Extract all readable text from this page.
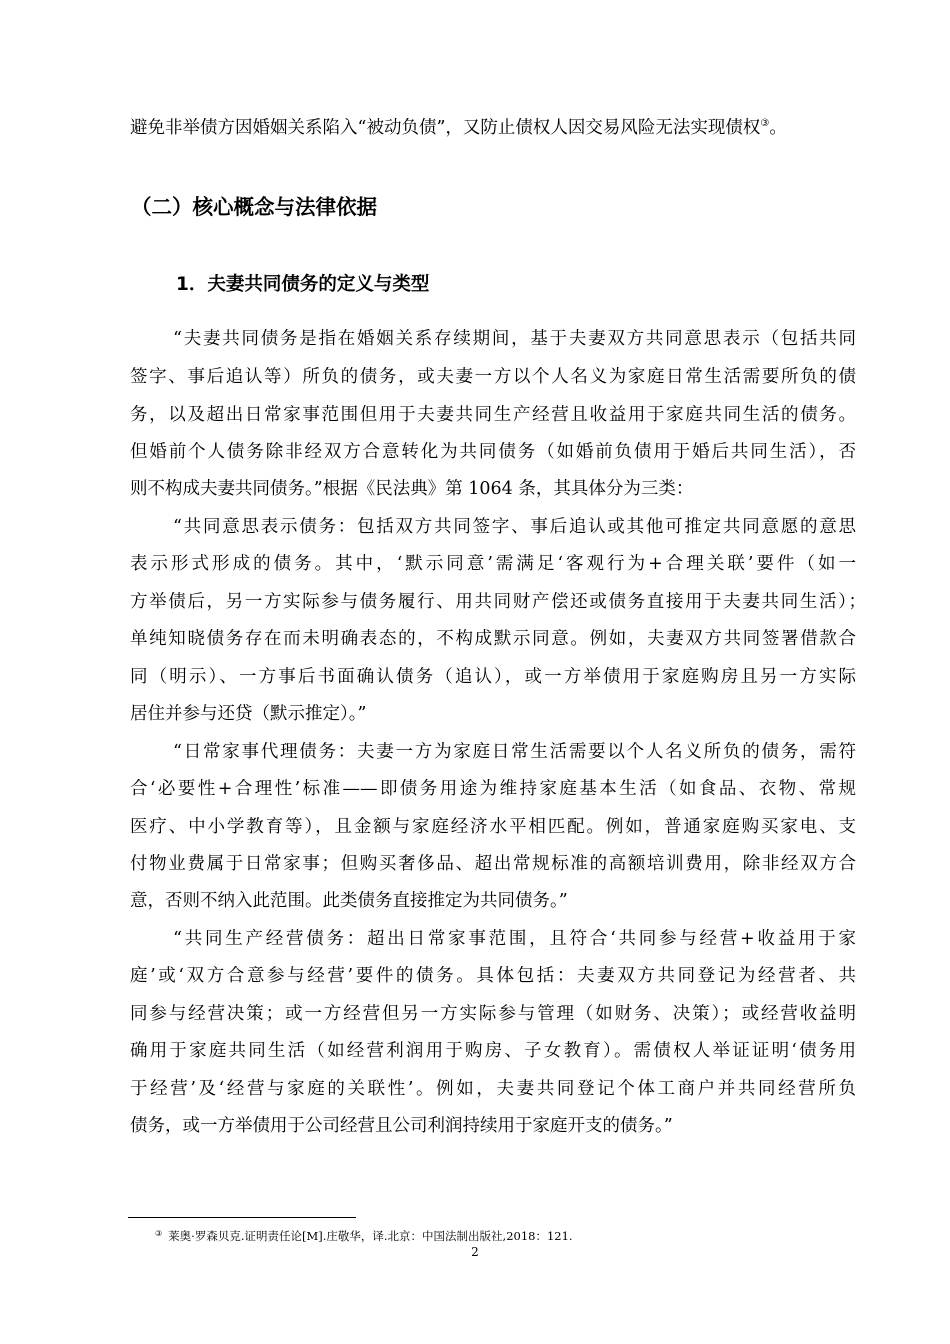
避免非举债方因婚姻关系陷入“被动负债”，又防止债权人因交易风险无法实现债权③。
（二）核心概念与法律依据
1．夫妻共同债务的定义与类型
“夫妻共同债务是指在婚姻关系存续期间，基于夫妻双方共同意思表示（包括共同
签字、事后追认等）所负的债务，或夫妻一方以个人名义为家庭日常生活需要所负的债
务，以及超出日常家事范围但用于夫妻共同生产经营且收益用于家庭共同生活的债务。
但婚前个人债务除非经双方合意转化为共同债务（如婚前负债用于婚后共同生活），否
则不构成夫妻共同债务。”根据《民法典》第 1064 条，其具体分为三类：
“共同意思表示债务：包括双方共同签字、事后追认或其他可推定共同意愿的意思
表示形式形成的债务。其中，‘默示同意’需满足‘客观行为+合理关联’要件（如一
方举债后，另一方实际参与债务履行、用共同财产偿还或债务直接用于夫妻共同生活）；
单纯知晓债务存在而未明确表态的，不构成默示同意。例如，夫妻双方共同签署借款合
同（明示）、一方事后书面确认债务（追认），或一方举债用于家庭购房且另一方实际
居住并参与还贷（默示推定）。”
“日常家事代理债务：夫妻一方为家庭日常生活需要以个人名义所负的债务，需符
合‘必要性+合理性’标准——即债务用途为维持家庭基本生活（如食品、衣物、常规
医疗、中小学教育等），且金额与家庭经济水平相匹配。例如，普通家庭购买家电、支
付物业费属于日常家事；但购买奢侈品、超出常规标准的高额培训费用，除非经双方合
意，否则不纳入此范围。此类债务直接推定为共同债务。”
“共同生产经营债务：超出日常家事范围，且符合‘共同参与经营+收益用于家
庭’或‘双方合意参与经营’要件的债务。具体包括：夫妻双方共同登记为经营者、共
同参与经营决策；或一方经营但另一方实际参与管理（如财务、决策）；或经营收益明
确用于家庭共同生活（如经营利润用于购房、子女教育）。需债权人举证证明‘债务用
于经营’及‘经营与家庭的关联性’。例如，夫妻共同登记个体工商户并共同经营所负
债务，或一方举债用于公司经营且公司利润持续用于家庭开支的债务。”
③ 莱奥·罗森贝克.证明责任论[M].庄敬华，译.北京：中国法制出版社,2018：121.
2
